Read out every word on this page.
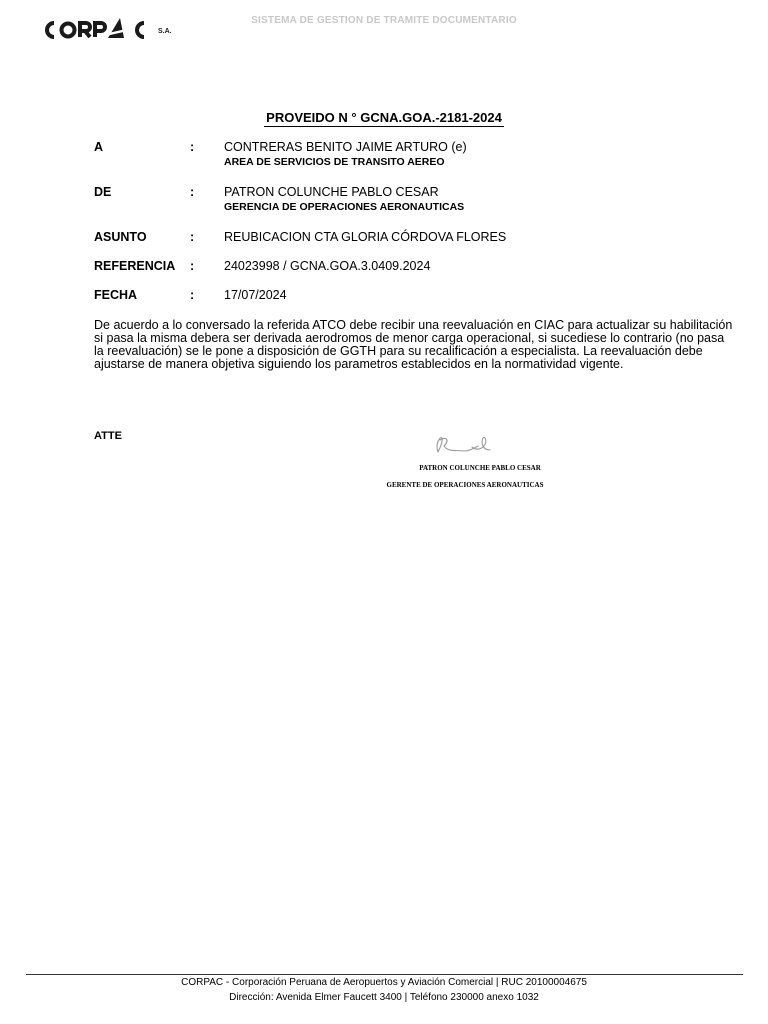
S.A.
SISTEMA DE GESTION DE TRAMITE DOCUMENTARIO
PROVEIDO N ° GCNA.GOA.-2181-2024
A	: CONTRERAS BENITO JAIME ARTURO (e)
AREA DE SERVICIOS DE TRANSITO AEREO
DE	: PATRON COLUNCHE PABLO CESAR
GERENCIA DE OPERACIONES AERONAUTICAS
ASUNTO	: REUBICACION CTA GLORIA CÓRDOVA FLORES
REFERENCIA : 24023998 / GCNA.GOA.3.0409.2024
FECHA	: 17/07/2024
De acuerdo a lo conversado la referida ATCO debe recibir una reevaluación en CIAC para actualizar su habilitación si pasa la misma debera ser derivada aerodromos de menor carga operacional, si sucediese lo contrario (no pasa la reevaluación) se le pone a disposición de GGTH para su recalificación a especialista. La reevaluación debe ajustarse de manera objetiva siguiendo los parametros establecidos en la normatividad vigente.
ATTE
PATRON COLUNCHE PABLO CESAR
GERENTE DE OPERACIONES AERONAUTICAS
CORPAC - Corporación Peruana de Aeropuertos y Aviación Comercial | RUC 20100004675
Dirección: Avenida Elmer Faucett 3400 | Teléfono 230000 anexo 1032
